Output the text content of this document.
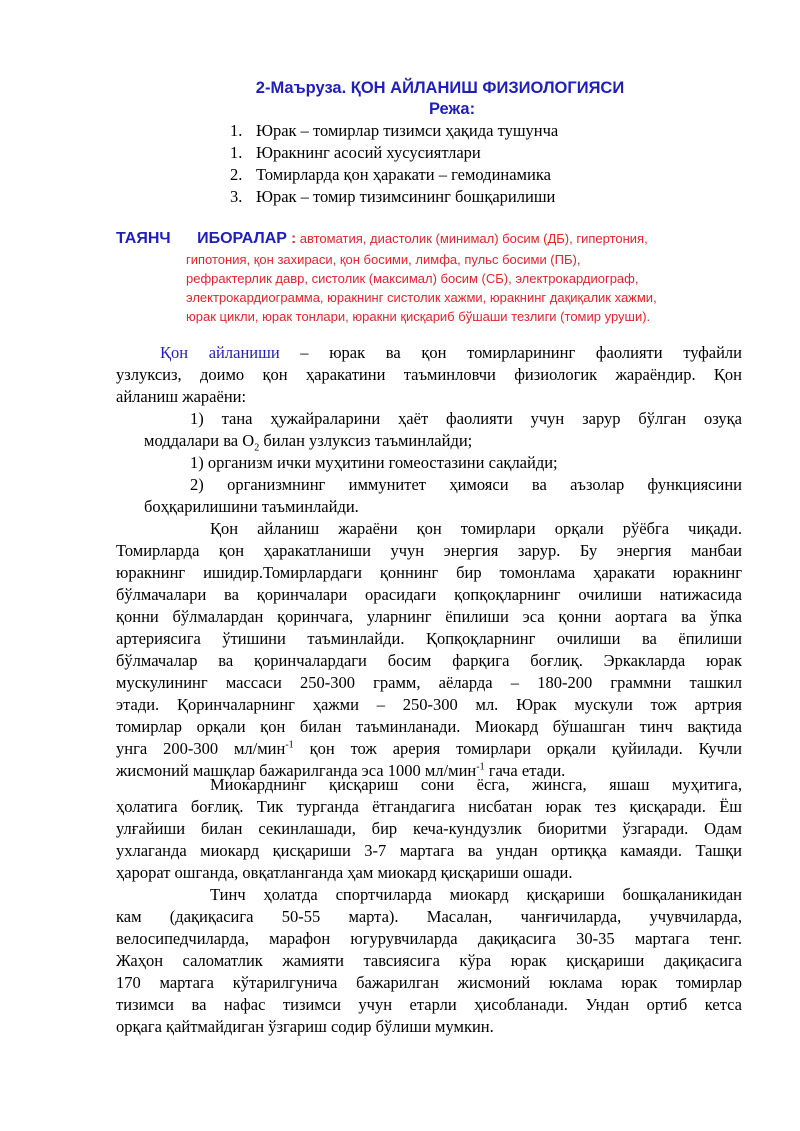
2-Маъруза. ҚОН АЙЛАНИШ ФИЗИОЛОГИЯСИ
Режа:
1. Юрак – томирлар тизимси ҳақида тушунча
1. Юракнинг асосий хусусиятлари
2. Томирларда қон ҳаракати – гемодинамика
3. Юрак – томир тизимсининг бошқарилиши
ТАЯНЧ ИБОРАЛАР : автоматия, диастолик (минимал) босим (ДБ), гипертония,
гипотония, қон захираси, қон босими, лимфа, пульс босими (ПБ),
рефрактерлик давр, систолик (максимал) босим (СБ), электрокардиограф,
электрокардиограмма, юракнинг систолик хажми, юракнинг дақиқалик хажми,
юрак цикли, юрак тонлари, юракни қисқариб бўшаши тезлиги (томир уруши).
Қон айланиши – юрак ва қон томирларининг фаолияти туфайли
узлуксиз, доимо қон ҳаракатини таъминловчи физиологик жараёндир. Қон
айланиш жараёни:
1) тана ҳужайраларини ҳаёт фаолияти учун зарур бўлган озуқа
моддалари ва $О_2$ билан узлуксиз таъминлайди;
1) организм ички муҳитини гомеостазини сақлайди;
2) организмнинг иммунитет ҳимояси ва аъзолар функциясини
боҳқарилишини таъминлайди.
Қон айланиш жараёни қон томирлари орқали рўёбга чиқади.
Томирларда қон ҳаракатланиши учун энергия зарур. Бу энергия манбаи
юракнинг ишидир.Томирлардаги қоннинг бир томонлама ҳаракати юракнинг
бўлмачалари ва қоринчалари орасидаги қопқоқларнинг очилиши натижасида
қонни бўлмалардан қоринчага, уларнинг ёпилиши эса қонни аортага ва ўпка
артериясига ўтишини таъминлайди. Қопқоқларнинг очилиши ва ёпилиши
бўлмачалар ва қоринчалардаги босим фарқига боғлиқ. Эркакларда юрак
мускулининг массаси 250-300 грамм, аёларда – 180-200 граммни ташкил
этади. Қоринчаларнинг ҳажми – 250-300 мл. Юрак мускули тож артрия
томирлар орқали қон билан таъминланади. Миокард бўшашган тинч вақтида
унга 200-300 мл/мин$^{-1}$ қон тож арерия томирлари орқали қуйилади. Кучли
жисмоний машқлар бажарилганда эса 1000 мл/мин$^{-1}$ гача етади.
Миокарднинг қисқариш сони ёсга, жинсга, яшаш муҳитига,
ҳолатига боғлиқ. Тик турганда ётгандагига нисбатан юрак тез қисқаради. Ёш
улғайиши билан секинлашади, бир кеча-кундузлик биоритми ўзгаради. Одам
ухлаганда миокард қисқариши 3-7 мартага ва ундан ортиққа камаяди. Ташқи
ҳарорат ошганда, овқатланганда ҳам миокард қисқариши ошади.
Тинч ҳолатда спортчиларда миокард қисқариши бошқаланикидан
кам (дақиқасига 50-55 марта). Масалан, чанғичиларда, учувчиларда,
велосипедчиларда, марафон югурувчиларда дақиқасига 30-35 мартага тенг.
Жаҳон саломатлик жамияти тавсиясига кўра юрак қисқариши дақиқасига
170 мартага кўтарилгунича бажарилган жисмоний юклама юрак томирлар
тизимси ва нафас тизимси учун етарли ҳисобланади. Ундан ортиб кетса
орқага қайтмайдиган ўзгариш содир бўлиши мумкин.
